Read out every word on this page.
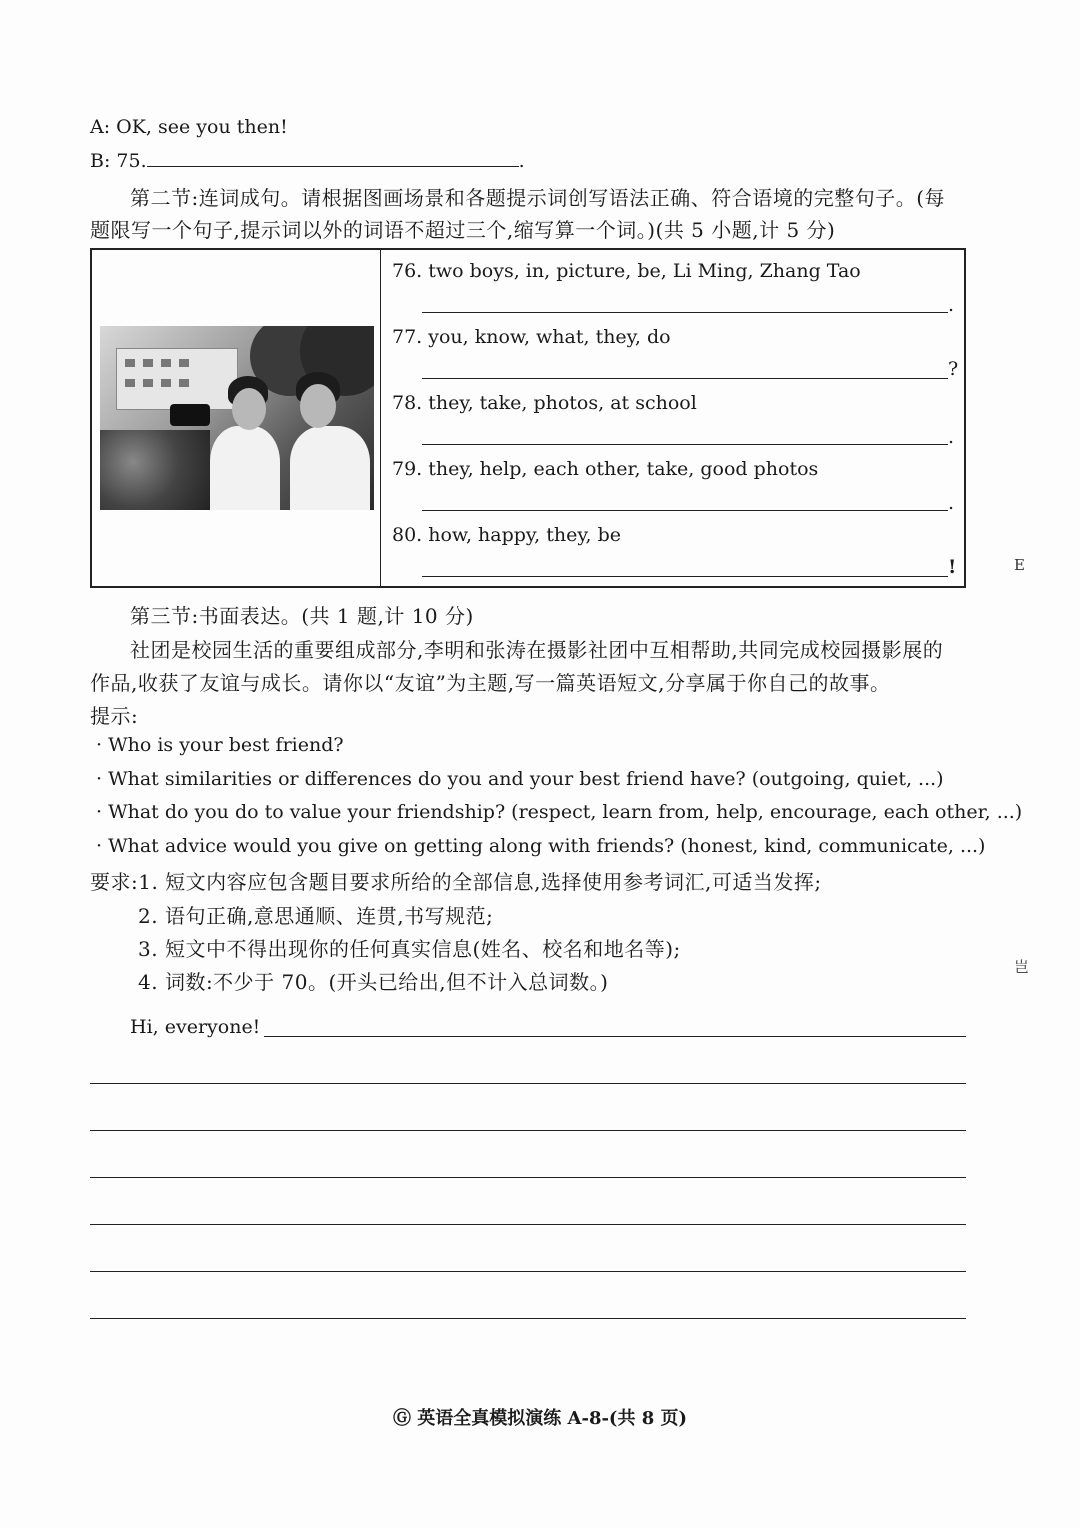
A: OK, see you then!
B: 75.	.
第二节:连词成句。请根据图画场景和各题提示词创写语法正确、符合语境的完整句子。(每
题限写一个句子,提示词以外的词语不超过三个,缩写算一个词。)(共 5 小题,计 5 分)
76. two boys, in, picture, be, Li Ming, Zhang Tao
.
77. you, know, what, they, do
?
78. they, take, photos, at school
.
79. they, help, each other, take, good photos
.
80. how, happy, they, be
!
第三节:书面表达。(共 1 题,计 10 分)
社团是校园生活的重要组成部分,李明和张涛在摄影社团中互相帮助,共同完成校园摄影展的
作品,收获了友谊与成长。请你以“友谊”为主题,写一篇英语短文,分享属于你自己的故事。
提示:
· Who is your best friend?
· What similarities or differences do you and your best friend have? (outgoing, quiet, ...)
· What do you do to value your friendship? (respect, learn from, help, encourage, each other, ...)
· What advice would you give on getting along with friends? (honest, kind, communicate, ...)
要求:1. 短文内容应包含题目要求所给的全部信息,选择使用参考词汇,可适当发挥;
2. 语句正确,意思通顺、连贯,书写规范;
3. 短文中不得出现你的任何真实信息(姓名、校名和地名等);
4. 词数:不少于 70。(开头已给出,但不计入总词数。)
Hi, everyone!
E
岂
Ⓖ 英语全真模拟演练 A-8-(共 8 页)
